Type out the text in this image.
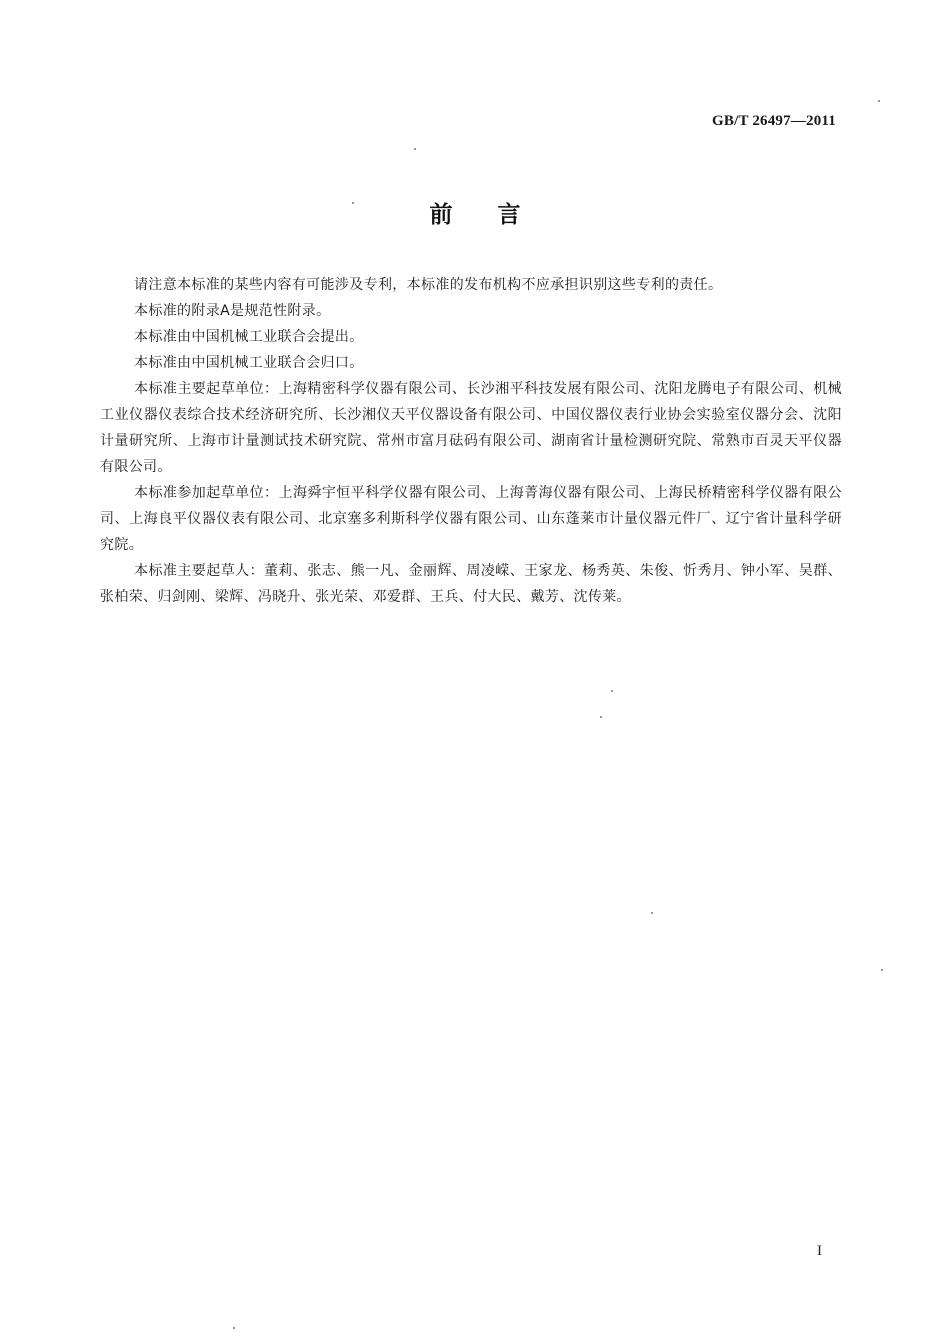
GB/T 26497—2011
前言

请注意本标准的某些内容有可能涉及专利，本标准的发布机构不应承担识别这些专利的责任。

本标准的附录A是规范性附录。

本标准由中国机械工业联合会提出。

本标准由中国机械工业联合会归口。

本标准主要起草单位：上海精密科学仪器有限公司、长沙湘平科技发展有限公司、沈阳龙腾电子有限公司、机械工业仪器仪表综合技术经济研究所、长沙湘仪天平仪器设备有限公司、中国仪器仪表行业协会实验室仪器分会、沈阳计量研究所、上海市计量测试技术研究院、常州市富月砝码有限公司、湖南省计量检测研究院、常熟市百灵天平仪器有限公司。

本标准参加起草单位：上海舜宇恒平科学仪器有限公司、上海菁海仪器有限公司、上海民桥精密科学仪器有限公司、上海良平仪器仪表有限公司、北京塞多利斯科学仪器有限公司、山东蓬莱市计量仪器元件厂、辽宁省计量科学研究院。

本标准主要起草人：董莉、张志、熊一凡、金丽辉、周凌嵘、王家龙、杨秀英、朱俊、忻秀月、钟小军、吴群、张柏荣、归剑刚、梁辉、冯晓升、张光荣、邓爱群、王兵、付大民、戴芳、沈传莱。

I
